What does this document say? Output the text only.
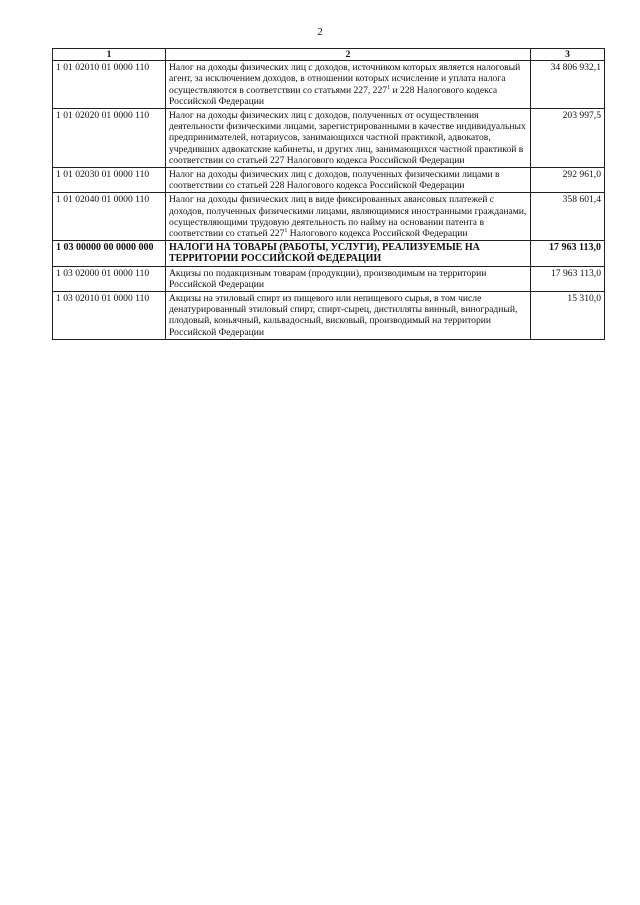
2
1	2	3
1 01 02010 01 0000 110	Налог на доходы физических лиц с доходов, источником которых является налоговый агент, за исключением доходов, в отношении которых исчисление и уплата налога осуществляются в соответствии со статьями 227, $227^1$ и 228 Налогового кодекса Российской Федерации	34 806 932,1
1 01 02020 01 0000 110	Налог на доходы физических лиц с доходов, полученных от осуществления деятельности физическими лицами, зарегистрированными в качестве индивидуальных предпринимателей, нотариусов, занимающихся частной практикой, адвокатов, учредивших адвокатские кабинеты, и других лиц, занимающихся частной практикой в соответствии со статьей 227 Налогового кодекса Российской Федерации	203 997,5
1 01 02030 01 0000 110	Налог на доходы физических лиц с доходов, полученных физическими лицами в соответствии со статьей 228 Налогового кодекса Российской Федерации	292 961,0
1 01 02040 01 0000 110	Налог на доходы физических лиц в виде фиксированных авансовых платежей с доходов, полученных физическими лицами, являющимися иностранными гражданами, осуществляющими трудовую деятельность по найму на основании патента в соответствии со статьей $227^1$ Налогового кодекса Российской Федерации	358 601,4
1 03 00000 00 0000 000	НАЛОГИ НА ТОВАРЫ (РАБОТЫ, УСЛУГИ), РЕАЛИЗУЕМЫЕ НА ТЕРРИТОРИИ РОССИЙСКОЙ ФЕДЕРАЦИИ	17 963 113,0
1 03 02000 01 0000 110	Акцизы по подакцизным товарам (продукции), производимым на территории Российской Федерации	17 963 113,0
1 03 02010 01 0000 110	Акцизы на этиловый спирт из пищевого или непищевого сырья, в том числе денатурированный этиловый спирт, спирт-сырец, дистилляты винный, виноградный, плодовый, коньячный, кальвадосный, висковый, производимый на территории Российской Федерации	15 310,0
